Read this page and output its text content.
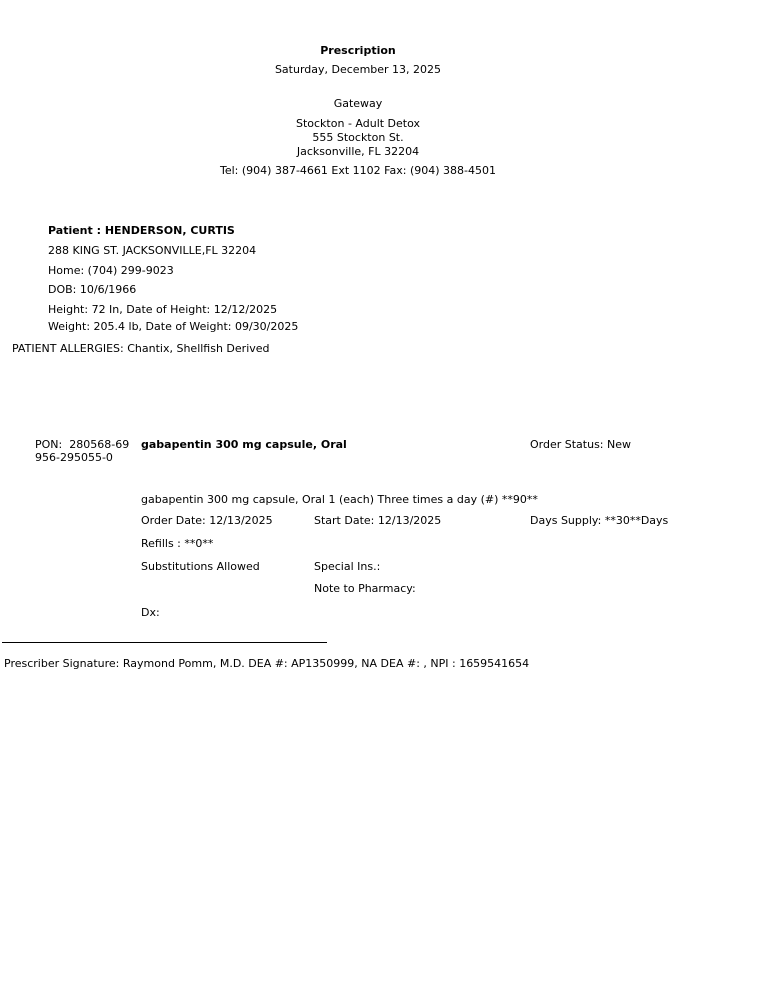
Prescription
Saturday, December 13, 2025
Gateway
Stockton - Adult Detox
555 Stockton St.
Jacksonville, FL 32204
Tel: (904) 387-4661 Ext 1102 Fax: (904) 388-4501
Patient : HENDERSON, CURTIS
288 KING ST. JACKSONVILLE,FL 32204
Home: (704) 299-9023
DOB: 10/6/1966
Height: 72 In, Date of Height: 12/12/2025
Weight: 205.4 lb, Date of Weight: 09/30/2025
PATIENT ALLERGIES: Chantix, Shellfish Derived
PON: 280568-69956-295055-0
gabapentin 300 mg capsule, Oral	Order Status: New
gabapentin 300 mg capsule, Oral 1 (each) Three times a day (#) **90**
Order Date: 12/13/2025	Start Date: 12/13/2025	Days Supply: **30**Days
Refills : **0**
Substitutions Allowed	Special Ins.:
Note to Pharmacy:
Dx:
Prescriber Signature: Raymond Pomm, M.D. DEA #: AP1350999, NA DEA #: , NPI : 1659541654
